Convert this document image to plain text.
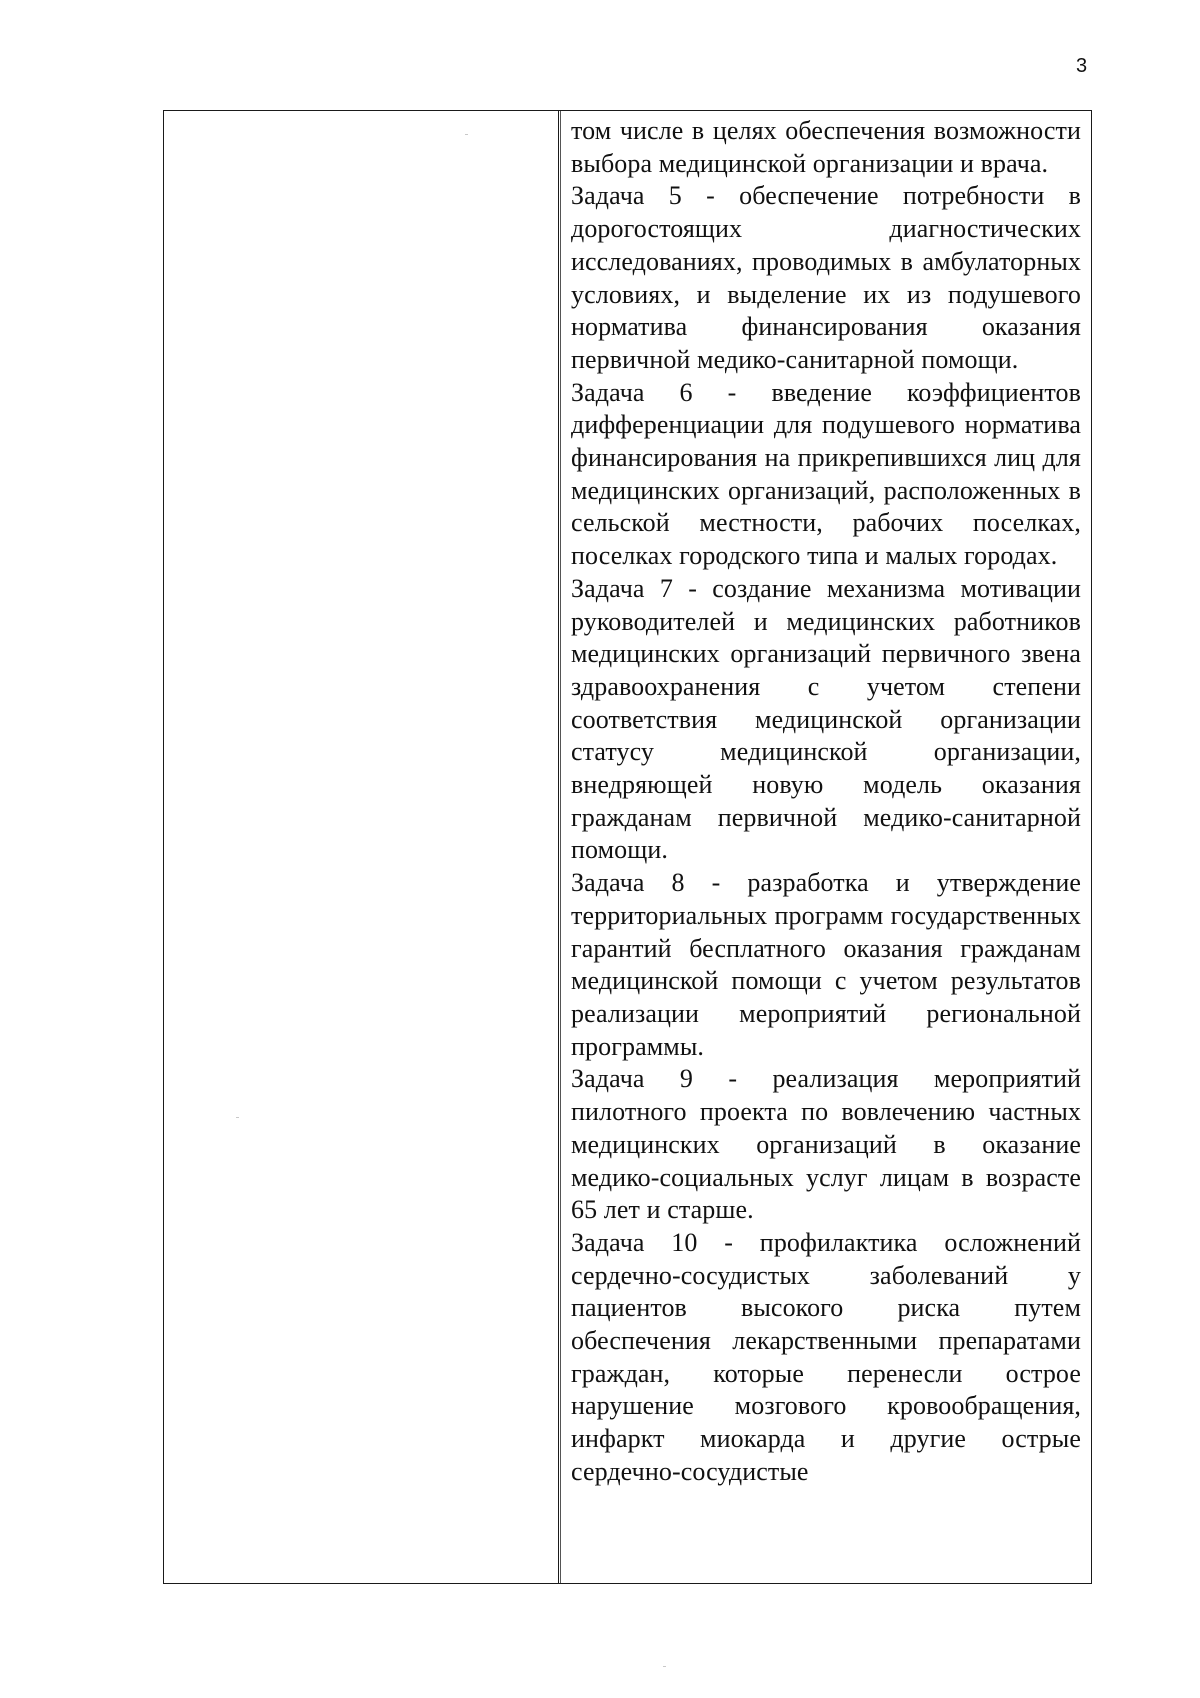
3

том числе в целях обеспечения возможности выбора медицинской организации и врача.

Задача 5 - обеспечение потребности в дорогостоящих диагностических исследованиях, проводимых в амбулаторных условиях, и выделение их из подушевого норматива финансирования оказания первичной медико-санитарной помощи.

Задача 6 - введение коэффициентов дифференциации для подушевого норматива финансирования на прикрепившихся лиц для медицинских организаций, расположенных в сельской местности, рабочих поселках, поселках городского типа и малых городах.

Задача 7 - создание механизма мотивации руководителей и медицинских работников медицинских организаций первичного звена здравоохранения с учетом степени соответствия медицинской организации статусу медицинской организации, внедряющей новую модель оказания гражданам первичной медико-санитарной помощи.

Задача 8 - разработка и утверждение территориальных программ государственных гарантий бесплатного оказания гражданам медицинской помощи с учетом результатов реализации мероприятий региональной программы.

Задача 9 - реализация мероприятий пилотного проекта по вовлечению частных медицинских организаций в оказание медико-социальных услуг лицам в возрасте 65 лет и старше.

Задача 10 - профилактика осложнений сердечно-сосудистых заболеваний у пациентов высокого риска путем обеспечения лекарственными препаратами граждан, которые перенесли острое нарушение мозгового кровообращения, инфаркт миокарда и другие острые сердечно-сосудистые
